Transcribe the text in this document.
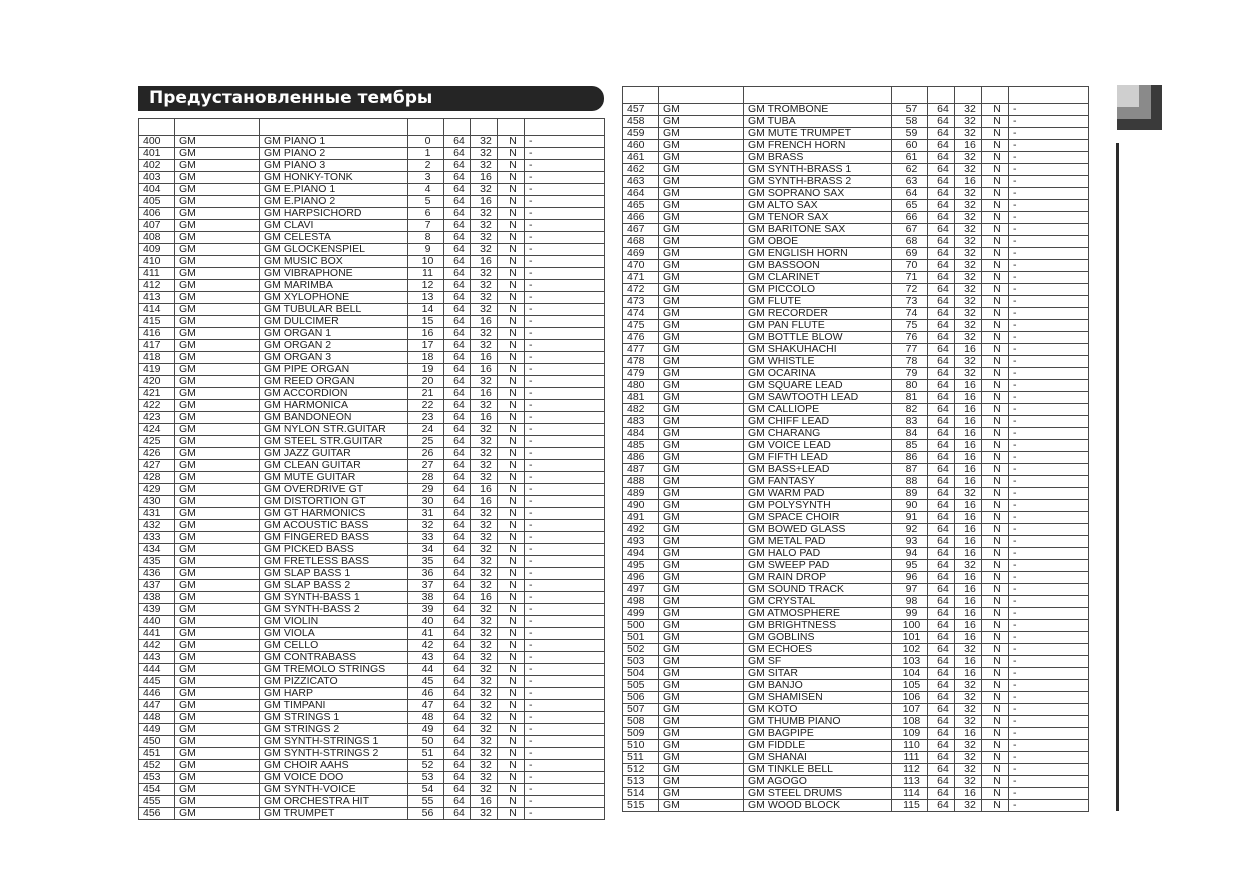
Предустановленные тембры

400	GM	GM PIANO 1	0	64	32	N	-
401	GM	GM PIANO 2	1	64	32	N	-
402	GM	GM PIANO 3	2	64	32	N	-
403	GM	GM HONKY-TONK	3	64	16	N	-
404	GM	GM E.PIANO 1	4	64	32	N	-
405	GM	GM E.PIANO 2	5	64	16	N	-
406	GM	GM HARPSICHORD	6	64	32	N	-
407	GM	GM CLAVI	7	64	32	N	-
408	GM	GM CELESTA	8	64	32	N	-
409	GM	GM GLOCKENSPIEL	9	64	32	N	-
410	GM	GM MUSIC BOX	10	64	16	N	-
411	GM	GM VIBRAPHONE	11	64	32	N	-
412	GM	GM MARIMBA	12	64	32	N	-
413	GM	GM XYLOPHONE	13	64	32	N	-
414	GM	GM TUBULAR BELL	14	64	32	N	-
415	GM	GM DULCIMER	15	64	16	N	-
416	GM	GM ORGAN 1	16	64	32	N	-
417	GM	GM ORGAN 2	17	64	32	N	-
418	GM	GM ORGAN 3	18	64	16	N	-
419	GM	GM PIPE ORGAN	19	64	16	N	-
420	GM	GM REED ORGAN	20	64	32	N	-
421	GM	GM ACCORDION	21	64	16	N	-
422	GM	GM HARMONICA	22	64	32	N	-
423	GM	GM BANDONEON	23	64	16	N	-
424	GM	GM NYLON STR.GUITAR	24	64	32	N	-
425	GM	GM STEEL STR.GUITAR	25	64	32	N	-
426	GM	GM JAZZ GUITAR	26	64	32	N	-
427	GM	GM CLEAN GUITAR	27	64	32	N	-
428	GM	GM MUTE GUITAR	28	64	32	N	-
429	GM	GM OVERDRIVE GT	29	64	16	N	-
430	GM	GM DISTORTION GT	30	64	16	N	-
431	GM	GM GT HARMONICS	31	64	32	N	-
432	GM	GM ACOUSTIC BASS	32	64	32	N	-
433	GM	GM FINGERED BASS	33	64	32	N	-
434	GM	GM PICKED BASS	34	64	32	N	-
435	GM	GM FRETLESS BASS	35	64	32	N	-
436	GM	GM SLAP BASS 1	36	64	32	N	-
437	GM	GM SLAP BASS 2	37	64	32	N	-
438	GM	GM SYNTH-BASS 1	38	64	16	N	-
439	GM	GM SYNTH-BASS 2	39	64	32	N	-
440	GM	GM VIOLIN	40	64	32	N	-
441	GM	GM VIOLA	41	64	32	N	-
442	GM	GM CELLO	42	64	32	N	-
443	GM	GM CONTRABASS	43	64	32	N	-
444	GM	GM TREMOLO STRINGS	44	64	32	N	-
445	GM	GM PIZZICATO	45	64	32	N	-
446	GM	GM HARP	46	64	32	N	-
447	GM	GM TIMPANI	47	64	32	N	-
448	GM	GM STRINGS 1	48	64	32	N	-
449	GM	GM STRINGS 2	49	64	32	N	-
450	GM	GM SYNTH-STRINGS 1	50	64	32	N	-
451	GM	GM SYNTH-STRINGS 2	51	64	32	N	-
452	GM	GM CHOIR AAHS	52	64	32	N	-
453	GM	GM VOICE DOO	53	64	32	N	-
454	GM	GM SYNTH-VOICE	54	64	32	N	-
455	GM	GM ORCHESTRA HIT	55	64	16	N	-
456	GM	GM TRUMPET	56	64	32	N	-

457	GM	GM TROMBONE	57	64	32	N	-
458	GM	GM TUBA	58	64	32	N	-
459	GM	GM MUTE TRUMPET	59	64	32	N	-
460	GM	GM FRENCH HORN	60	64	16	N	-
461	GM	GM BRASS	61	64	32	N	-
462	GM	GM SYNTH-BRASS 1	62	64	32	N	-
463	GM	GM SYNTH-BRASS 2	63	64	16	N	-
464	GM	GM SOPRANO SAX	64	64	32	N	-
465	GM	GM ALTO SAX	65	64	32	N	-
466	GM	GM TENOR SAX	66	64	32	N	-
467	GM	GM BARITONE SAX	67	64	32	N	-
468	GM	GM OBOE	68	64	32	N	-
469	GM	GM ENGLISH HORN	69	64	32	N	-
470	GM	GM BASSOON	70	64	32	N	-
471	GM	GM CLARINET	71	64	32	N	-
472	GM	GM PICCOLO	72	64	32	N	-
473	GM	GM FLUTE	73	64	32	N	-
474	GM	GM RECORDER	74	64	32	N	-
475	GM	GM PAN FLUTE	75	64	32	N	-
476	GM	GM BOTTLE BLOW	76	64	32	N	-
477	GM	GM SHAKUHACHI	77	64	16	N	-
478	GM	GM WHISTLE	78	64	32	N	-
479	GM	GM OCARINA	79	64	32	N	-
480	GM	GM SQUARE LEAD	80	64	16	N	-
481	GM	GM SAWTOOTH LEAD	81	64	16	N	-
482	GM	GM CALLIOPE	82	64	16	N	-
483	GM	GM CHIFF LEAD	83	64	16	N	-
484	GM	GM CHARANG	84	64	16	N	-
485	GM	GM VOICE LEAD	85	64	16	N	-
486	GM	GM FIFTH LEAD	86	64	16	N	-
487	GM	GM BASS+LEAD	87	64	16	N	-
488	GM	GM FANTASY	88	64	16	N	-
489	GM	GM WARM PAD	89	64	32	N	-
490	GM	GM POLYSYNTH	90	64	16	N	-
491	GM	GM SPACE CHOIR	91	64	16	N	-
492	GM	GM BOWED GLASS	92	64	16	N	-
493	GM	GM METAL PAD	93	64	16	N	-
494	GM	GM HALO PAD	94	64	16	N	-
495	GM	GM SWEEP PAD	95	64	32	N	-
496	GM	GM RAIN DROP	96	64	16	N	-
497	GM	GM SOUND TRACK	97	64	16	N	-
498	GM	GM CRYSTAL	98	64	16	N	-
499	GM	GM ATMOSPHERE	99	64	16	N	-
500	GM	GM BRIGHTNESS	100	64	16	N	-
501	GM	GM GOBLINS	101	64	16	N	-
502	GM	GM ECHOES	102	64	32	N	-
503	GM	GM SF	103	64	16	N	-
504	GM	GM SITAR	104	64	16	N	-
505	GM	GM BANJO	105	64	32	N	-
506	GM	GM SHAMISEN	106	64	32	N	-
507	GM	GM KOTO	107	64	32	N	-
508	GM	GM THUMB PIANO	108	64	32	N	-
509	GM	GM BAGPIPE	109	64	16	N	-
510	GM	GM FIDDLE	110	64	32	N	-
511	GM	GM SHANAI	111	64	32	N	-
512	GM	GM TINKLE BELL	112	64	32	N	-
513	GM	GM AGOGO	113	64	32	N	-
514	GM	GM STEEL DRUMS	114	64	16	N	-
515	GM	GM WOOD BLOCK	115	64	32	N	-
